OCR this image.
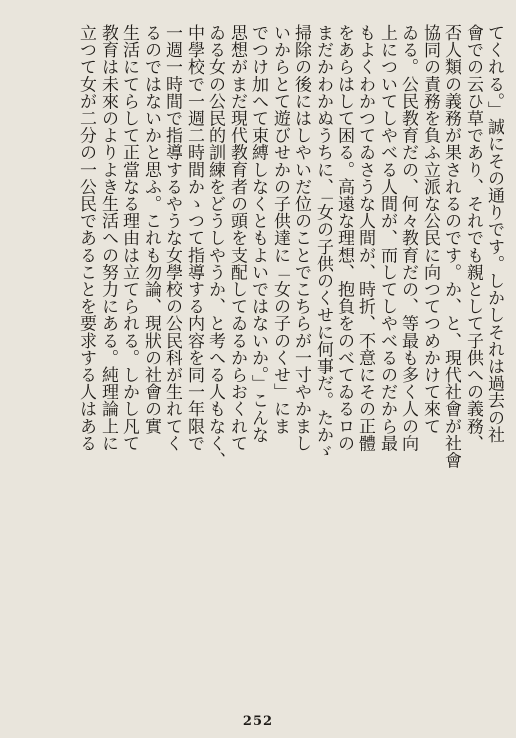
てくれる。」誠にその通りです。しかしそれは過去の社
會での云ひ草であり、それでも親として子供への義務、
否人類の義務が果されるのです。か、と、現代社會が社會
協同の責務を負ふ立派な公民に向つてつめかけて來て
ゐる。公民教育だの、何々教育だの、等最も多く人の向
上についてしやべる人間が、而してしやべるのだから最
もよくわかつてゐさうな人間が、時折、不意にその正體
をあらはして困る。高遠な理想、抱負をのべてゐるロの
まだかわかぬうちに、「女の子供のくせに何事だ。たかゞ
掃除の後にはしやいだ位のことでこちらが一寸やかまし
いからとて遊びせかの子供達に「女の子のくせ」にま
でつけ加へて束縛しなくともよいではないか。」こんな
思想がまだ現代教育者の頭を支配してゐるからおくれて
ゐる女の公民的訓練をどうしやうか、と考へる人もなく、
中學校で一週二時間かゝつて指導する内容を同一年限で
一週一時間で指導するやうな女學校の公民科が生れてく
るのではないかと思ふ。これも勿論、現狀の社會の實
生活にてらして正當なる理由は立てられる。しかし凡て
教育は未來のよりよき生活への努力にある。純理論上に
立つて女が二分の一公民であることを要求する人はある
252
